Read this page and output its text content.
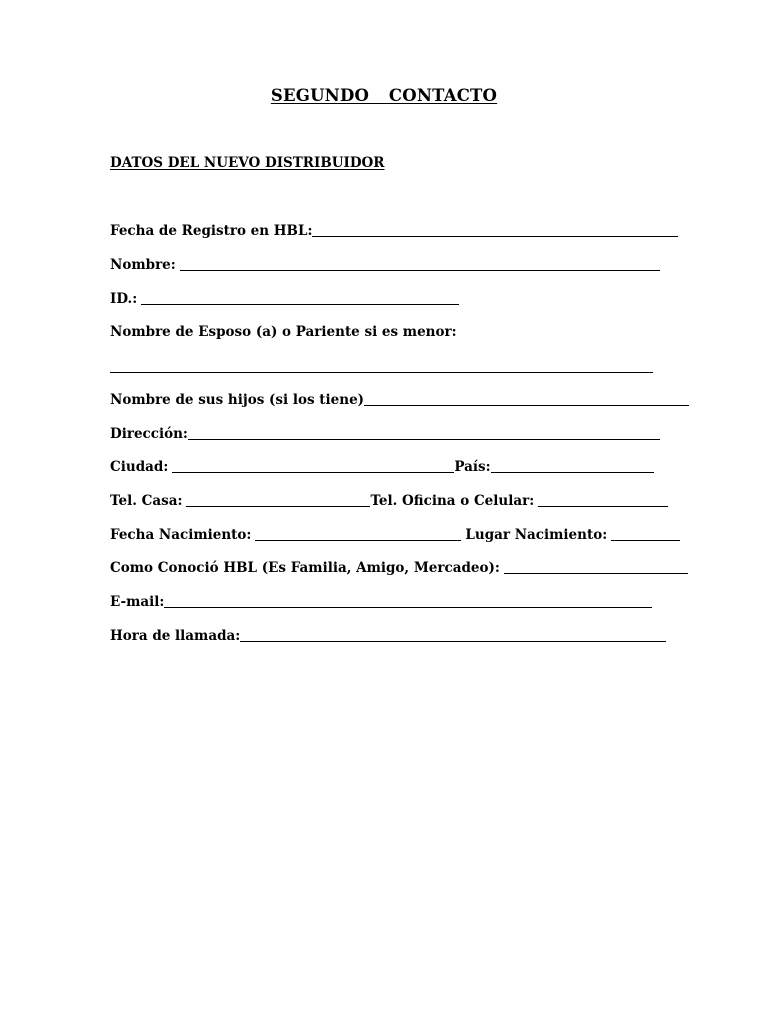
SEGUNDO  CONTACTO
DATOS DEL NUEVO DISTRIBUIDOR
Fecha de Registro en HBL:
Nombre:
ID.:
Nombre de Esposo (a) o Pariente si es menor:
Nombre de sus hijos (si los tiene)
Dirección:
Ciudad:	País:
Tel. Casa:	Tel. Oficina o Celular:
Fecha Nacimiento:	Lugar Nacimiento:
Como Conoció HBL (Es Familia, Amigo, Mercadeo):
E-mail:
Hora de llamada:
